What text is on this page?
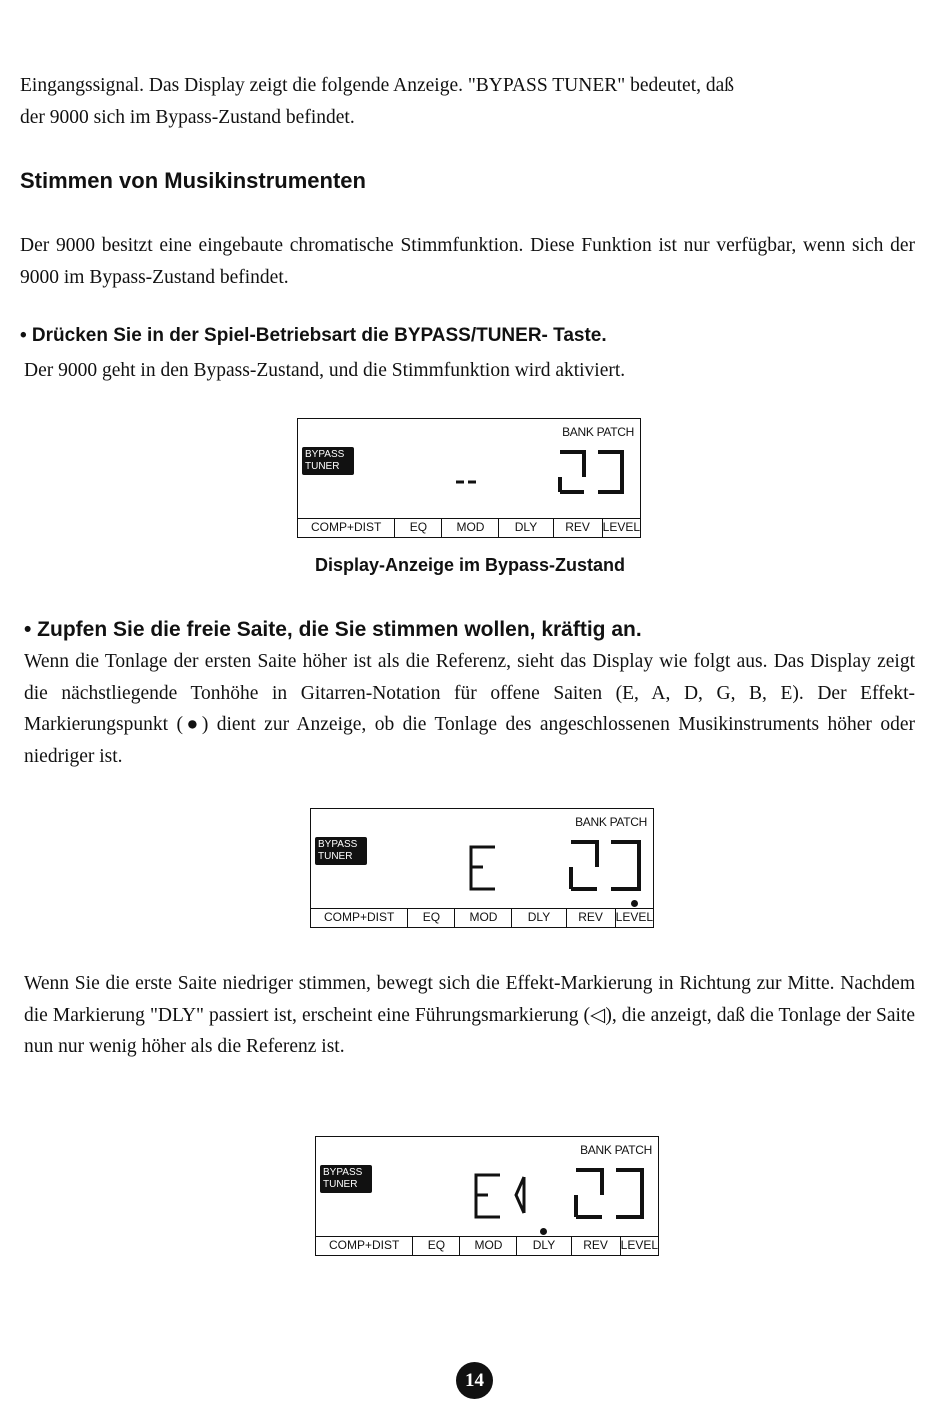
Eingangssignal. Das Display zeigt die folgende Anzeige. "BYPASS TUNER" bedeutet, daß
der 9000 sich im Bypass-Zustand befindet.

Stimmen von Musikinstrumenten

Der 9000 besitzt eine eingebaute chromatische Stimmfunktion. Diese Funktion ist nur verfügbar, wenn sich der 9000 im Bypass-Zustand befindet.

• Drücken Sie in der Spiel-Betriebsart die BYPASS/TUNER- Taste.

Der 9000 geht in den Bypass-Zustand, und die Stimmfunktion wird aktiviert.

BANK PATCH
BYPASS
TUNER
COMP+DIST	EQ	MOD	DLY	REV	LEVEL

Display-Anzeige im Bypass-Zustand

• Zupfen Sie die freie Saite, die Sie stimmen wollen, kräftig an.

Wenn die Tonlage der ersten Saite höher ist als die Referenz, sieht das Display wie folgt aus. Das Display zeigt die nächstliegende Tonhöhe in Gitarren-Notation für offene Saiten (E, A, D, G, B, E). Der Effekt-Markierungspunkt (●) dient zur Anzeige, ob die Tonlage des angeschlossenen Musikinstruments höher oder niedriger ist.

BANK PATCH
BYPASS
TUNER
COMP+DIST	EQ	MOD	DLY	REV	LEVEL

Wenn Sie die erste Saite niedriger stimmen, bewegt sich die Effekt-Markierung in Richtung zur Mitte. Nachdem die Markierung "DLY" passiert ist, erscheint eine Führungsmarkierung (◁), die anzeigt, daß die Tonlage der Saite nun nur wenig höher als die Referenz ist.

BANK PATCH
BYPASS
TUNER
COMP+DIST	EQ	MOD	DLY	REV	LEVEL
14
